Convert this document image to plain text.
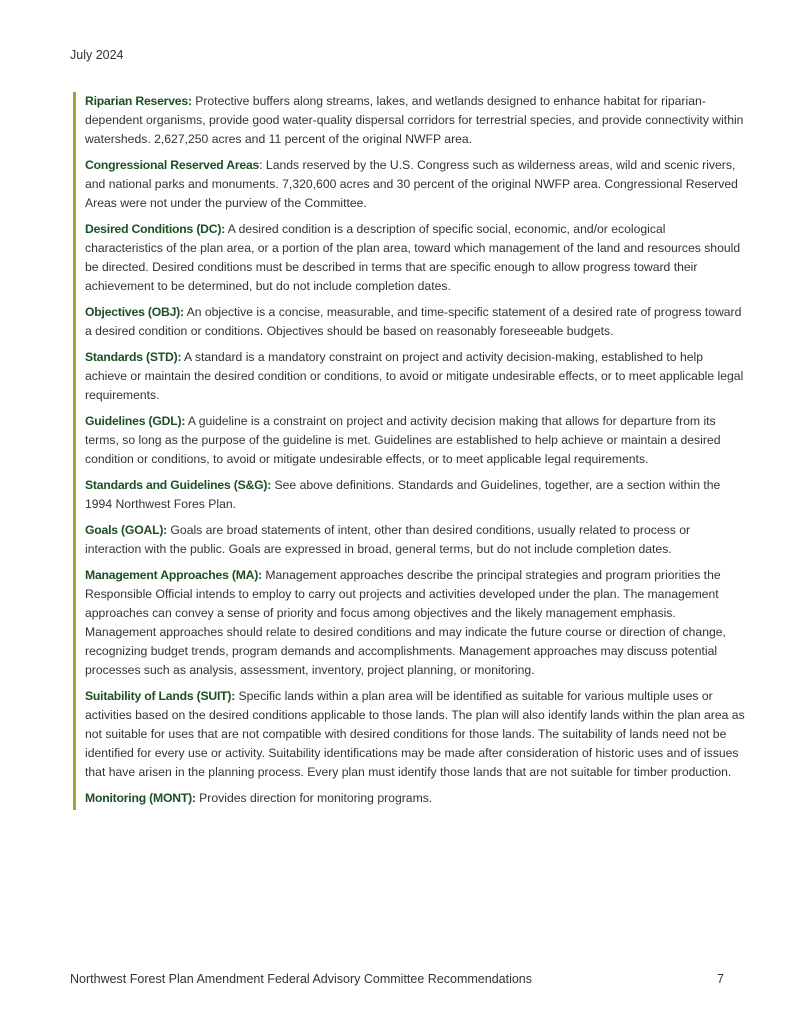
July 2024

Riparian Reserves: Protective buffers along streams, lakes, and wetlands designed to enhance habitat for riparian-dependent organisms, provide good water-quality dispersal corridors for terrestrial species, and provide connectivity within watersheds. 2,627,250 acres and 11 percent of the original NWFP area.

Congressional Reserved Areas: Lands reserved by the U.S. Congress such as wilderness areas, wild and scenic rivers, and national parks and monuments. 7,320,600 acres and 30 percent of the original NWFP area. Congressional Reserved Areas were not under the purview of the Committee.

Desired Conditions (DC): A desired condition is a description of specific social, economic, and/or ecological characteristics of the plan area, or a portion of the plan area, toward which management of the land and resources should be directed. Desired conditions must be described in terms that are specific enough to allow progress toward their achievement to be determined, but do not include completion dates.

Objectives (OBJ): An objective is a concise, measurable, and time-specific statement of a desired rate of progress toward a desired condition or conditions. Objectives should be based on reasonably foreseeable budgets.

Standards (STD): A standard is a mandatory constraint on project and activity decision-making, established to help achieve or maintain the desired condition or conditions, to avoid or mitigate undesirable effects, or to meet applicable legal requirements.

Guidelines (GDL): A guideline is a constraint on project and activity decision making that allows for departure from its terms, so long as the purpose of the guideline is met. Guidelines are established to help achieve or maintain a desired condition or conditions, to avoid or mitigate undesirable effects, or to meet applicable legal requirements.

Standards and Guidelines (S&G): See above definitions. Standards and Guidelines, together, are a section within the 1994 Northwest Fores Plan.

Goals (GOAL): Goals are broad statements of intent, other than desired conditions, usually related to process or interaction with the public. Goals are expressed in broad, general terms, but do not include completion dates.

Management Approaches (MA): Management approaches describe the principal strategies and program priorities the Responsible Official intends to employ to carry out projects and activities developed under the plan. The management approaches can convey a sense of priority and focus among objectives and the likely management emphasis. Management approaches should relate to desired conditions and may indicate the future course or direction of change, recognizing budget trends, program demands and accomplishments. Management approaches may discuss potential processes such as analysis, assessment, inventory, project planning, or monitoring.

Suitability of Lands (SUIT): Specific lands within a plan area will be identified as suitable for various multiple uses or activities based on the desired conditions applicable to those lands. The plan will also identify lands within the plan area as not suitable for uses that are not compatible with desired conditions for those lands. The suitability of lands need not be identified for every use or activity. Suitability identifications may be made after consideration of historic uses and of issues that have arisen in the planning process. Every plan must identify those lands that are not suitable for timber production.

Monitoring (MONT): Provides direction for monitoring programs.

Northwest Forest Plan Amendment Federal Advisory Committee Recommendations	7
